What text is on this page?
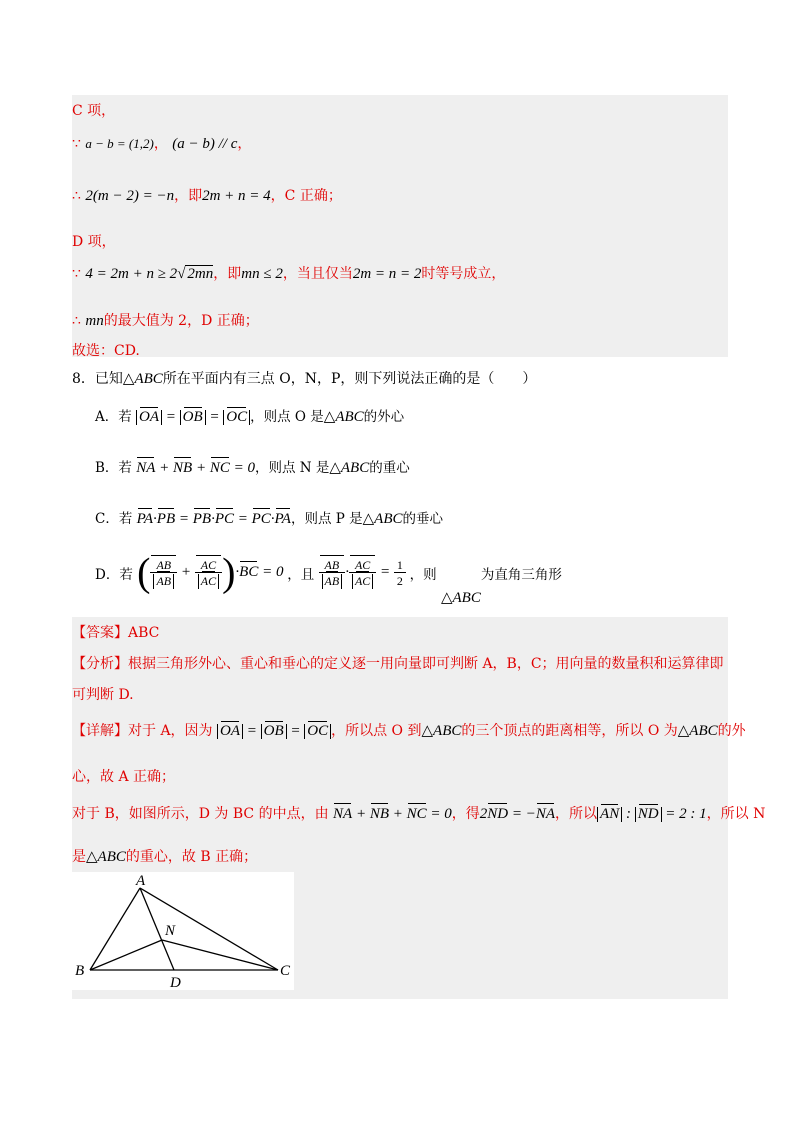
C 项，
∵ a − b = (1,2)， (a − b) // c，
∴ 2(m − 2) = −n，即2m + n = 4，C 正确；
D 项，
∵ 4 = 2m + n ≥ 2√ 2mn，即mn ≤ 2，当且仅当2m = n = 2时等号成立，
∴ mn的最大值为 2，D 正确；
故选：CD.
8．已知△ABC所在平面内有三点 O，N，P，则下列说法正确的是（　　）
A．若 OA = OB = OC ，则点 O 是△ABC的外心
B．若 NA + NB + NC = 0，则点 N 是△ABC的重心
C．若 PA·PB = PB·PC = PC·PA，则点 P 是△ABC的垂心
D．若 ( $\frac{AB}{AB} + \frac{AC}{AC} )\cdot BC = 0$ ，且 $\frac{AB}{AB} \cdot \frac{AC}{AC} = \frac{1}{2}$ ，则 △ABC为直角三角形
【答案】ABC
【分析】根据三角形外心、重心和垂心的定义逐一用向量即可判断 A，B，C；用向量的数量积和运算律即
可判断 D.
【详解】对于 A，因为 OA = OB = OC ，所以点 O 到△ABC的三个顶点的距离相等，所以 O 为△ABC的外
心，故 A 正确；
对于 B，如图所示，D 为 BC 的中点，由 NA + NB + NC = 0，得2ND = −NA，所以 AN : ND = 2 : 1，所以 N
是△ABC的重心，故 B 正确；
A
N
B
D
C
